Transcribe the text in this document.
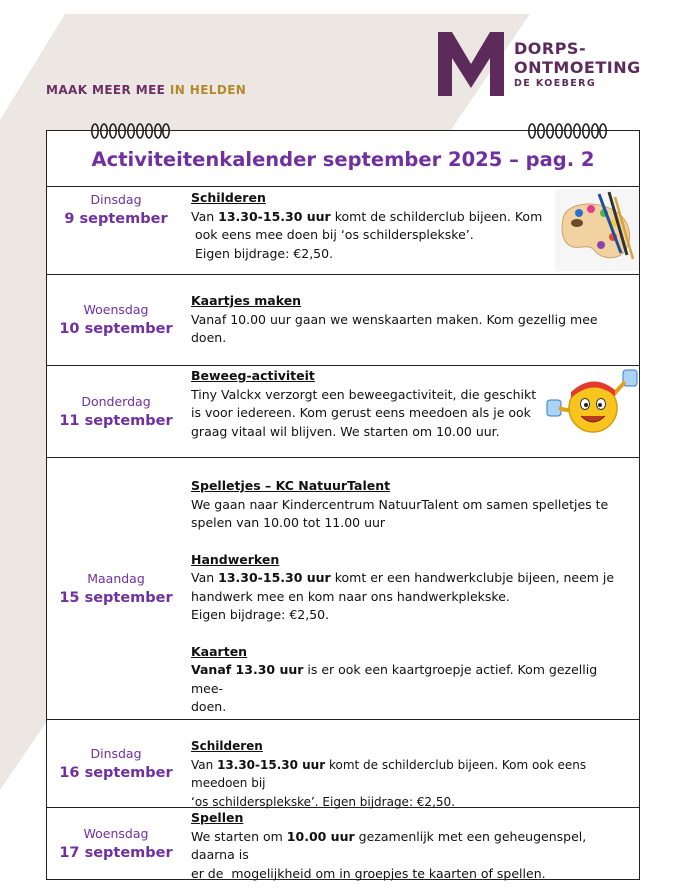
MAAK MEER MEE IN HELDEN
DORPS-
ONTMOETING
DE KOEBERG
Activiteitenkalender september 2025 – pag. 2
Dinsdag
9 september
Schilderen
Van 13.30-15.30 uur komt de schilderclub bijeen. Kom
ook eens mee doen bij ‘os schildersplekske’.
Eigen bijdrage: €2,50.
Woensdag
10 september
Kaartjes maken
Vanaf 10.00 uur gaan we wenskaarten maken. Kom gezellig mee doen.
Donderdag
11 september
Beweeg-activiteit
Tiny Valckx verzorgt een beweegactiviteit, die geschikt
is voor iedereen. Kom gerust eens meedoen als je ook
graag vitaal wil blijven. We starten om 10.00 uur.
Maandag
15 september
Spelletjes – KC NatuurTalent
We gaan naar Kindercentrum NatuurTalent om samen spelletjes te
spelen van 10.00 tot 11.00 uur
Handwerken
Van 13.30-15.30 uur komt er een handwerkclubje bijeen, neem je
handwerk mee en kom naar ons handwerkplekske.
Eigen bijdrage: €2,50.
Kaarten
Vanaf 13.30 uur is er ook een kaartgroepje actief. Kom gezellig mee-
doen.
Dinsdag
16 september
Schilderen
Van 13.30-15.30 uur komt de schilderclub bijeen. Kom ook eens meedoen bij
‘os schildersplekske’. Eigen bijdrage: €2,50.
Woensdag
17 september
Spellen
We starten om 10.00 uur gezamenlijk met een geheugenspel, daarna is
er de  mogelijkheid om in groepjes te kaarten of spellen.
